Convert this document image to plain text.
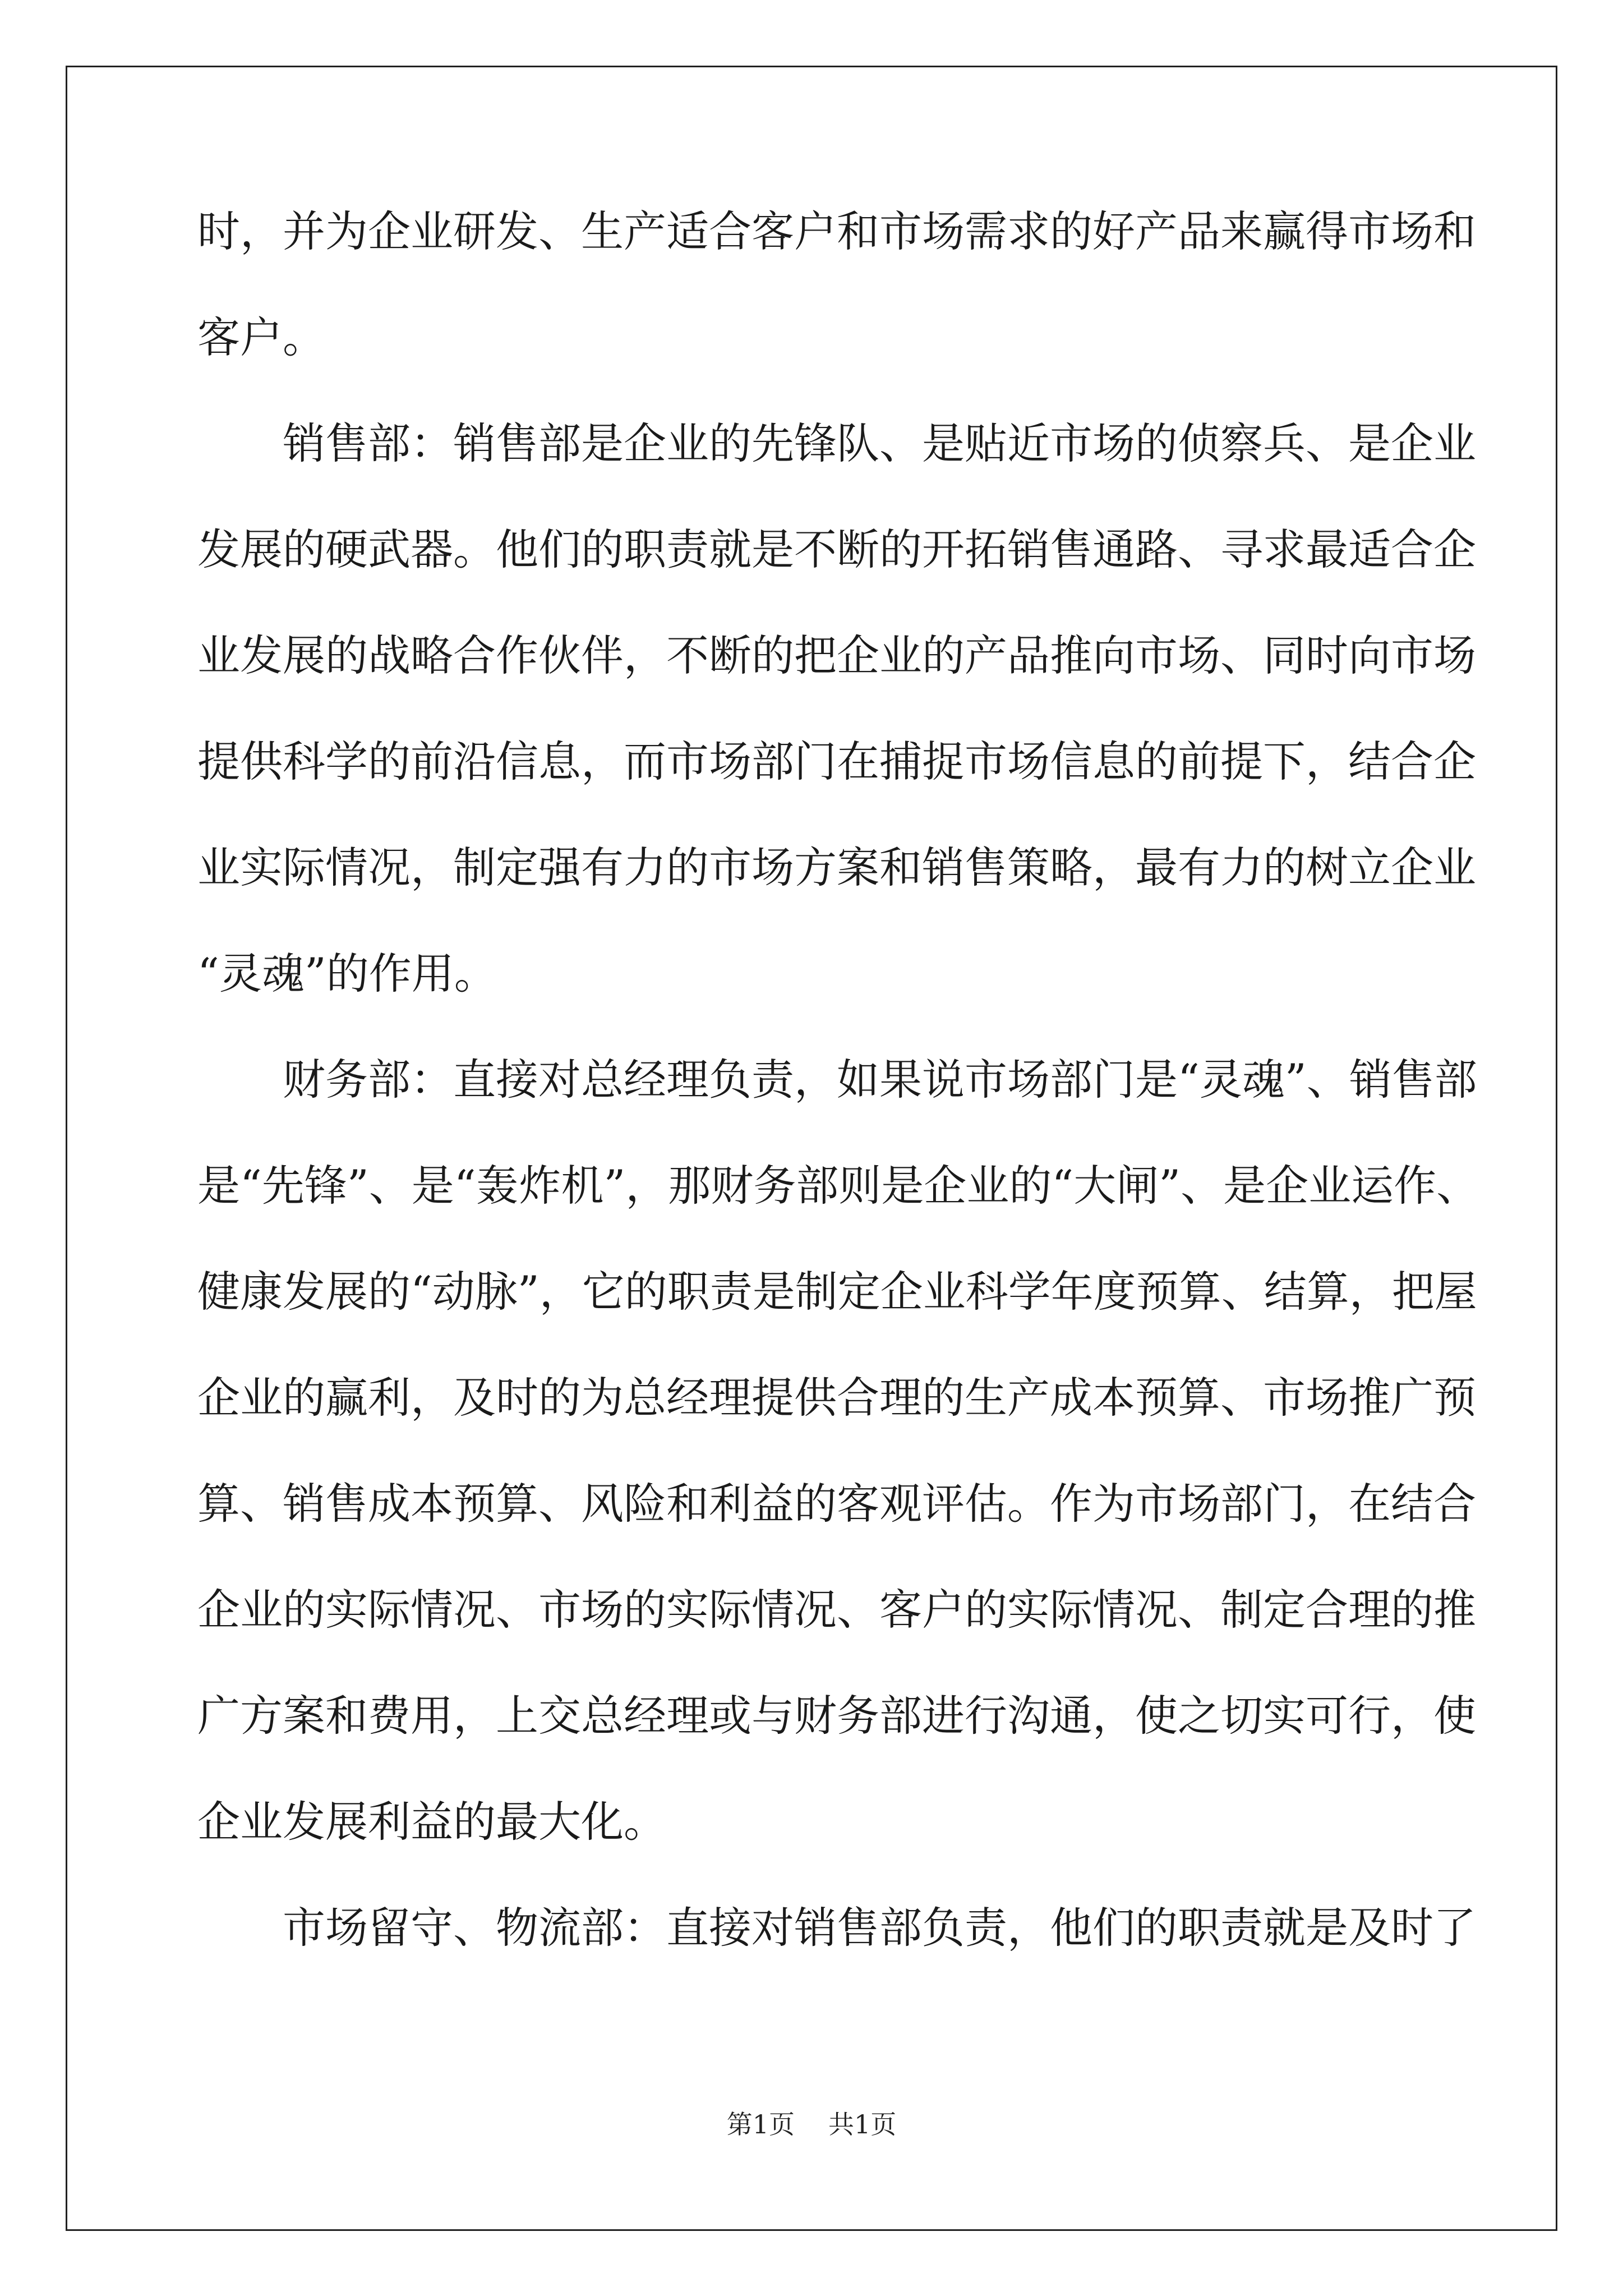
时，并为企业研发、生产适合客户和市场需求的好产品来赢得市场和
客户。
销售部：销售部是企业的先锋队、是贴近市场的侦察兵、是企业
发展的硬武器。他们的职责就是不断的开拓销售通路、寻求最适合企
业发展的战略合作伙伴，不断的把企业的产品推向市场、同时向市场
提供科学的前沿信息，而市场部门在捕捉市场信息的前提下，结合企
业实际情况，制定强有力的市场方案和销售策略，最有力的树立企业
“灵魂”的作用。
财务部：直接对总经理负责，如果说市场部门是“灵魂”、销售部
是“先锋”、是“轰炸机”，那财务部则是企业的“大闸”、是企业运作、
健康发展的“动脉”，它的职责是制定企业科学年度预算、结算，把屋
企业的赢利，及时的为总经理提供合理的生产成本预算、市场推广预
算、销售成本预算、风险和利益的客观评估。作为市场部门，在结合
企业的实际情况、市场的实际情况、客户的实际情况、制定合理的推
广方案和费用，上交总经理或与财务部进行沟通，使之切实可行，使
企业发展利益的最大化。
市场留守、物流部：直接对销售部负责，他们的职责就是及时了
第1页 共1页
